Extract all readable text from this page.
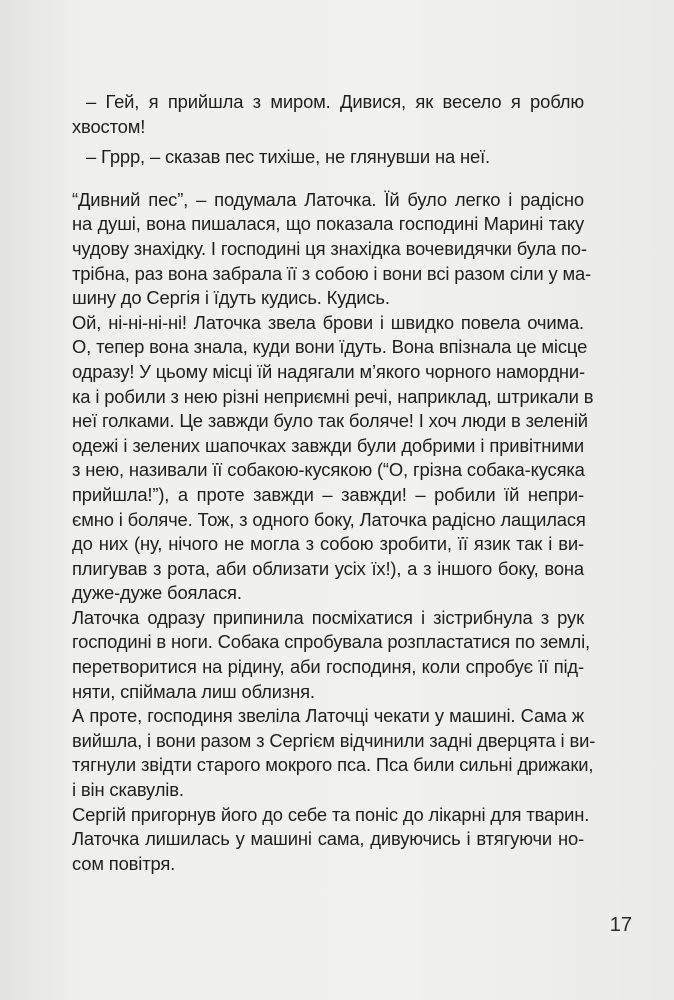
– Гей, я прийшла з миром. Дивися, як весело я роблю
хвостом!

– Гррр, – сказав пес тихіше, не глянувши на неї.

“Дивний пес”, – подумала Латочка. Їй було легко і радісно
на душі, вона пишалася, що показала господині Марині таку
чудову знахідку. І господині ця знахідка вочевидячки була по-
трібна, раз вона забрала її з собою і вони всі разом сіли у ма-
шину до Сергія і їдуть кудись. Кудись.

Ой, ні-ні-ні-ні! Латочка звела брови і швидко повела очима.
О, тепер вона знала, куди вони їдуть. Вона впізнала це місце
одразу! У цьому місці їй надягали м’якого чорного намордни-
ка і робили з нею різні неприємні речі, наприклад, штрикали в
неї голками. Це завжди було так боляче! І хоч люди в зеленій
одежі і зелених шапочках завжди були добрими і привітними
з нею, називали її собакою-кусякою (“О, грізна собака-кусяка
прийшла!”), а проте завжди – завжди! – робили їй непри-
ємно і боляче. Тож, з одного боку, Латочка радісно лащилася
до них (ну, нічого не могла з собою зробити, її язик так і ви-
плигував з рота, аби облизати усіх їх!), а з іншого боку, вона
дуже-дуже боялася.

Латочка одразу припинила посміхатися і зістрибнула з рук
господині в ноги. Собака спробувала розпластатися по землі,
перетворитися на рідину, аби господиня, коли спробує її під-
няти, спіймала лиш облизня.

А проте, господиня звеліла Латочці чекати у машині. Сама ж
вийшла, і вони разом з Сергієм відчинили задні дверцята і ви-
тягнули звідти старого мокрого пса. Пса били сильні дрижаки,
і він скавулів.

Сергій пригорнув його до себе та поніс до лікарні для тварин.
Латочка лишилась у машині сама, дивуючись і втягуючи но-
сом повітря.

17
